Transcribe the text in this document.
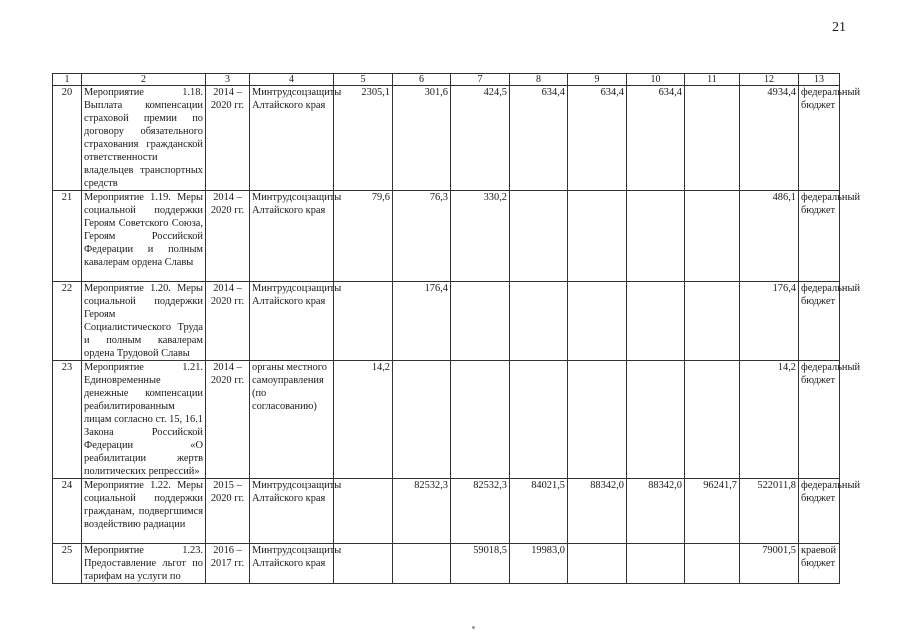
21
1	2	3	4	5	6	7	8	9	10	11	12	13
20	Мероприятие 1.18. Выплата компенсации страховой премии по договору обязательного страхования гражданской ответственности владельцев транспортных средств	2014 – 2020 гг.	Минтрудсоцзащиты Алтайского края	2305,1	301,6	424,5	634,4	634,4	634,4		4934,4	федеральный бюджет
21	Мероприятие 1.19. Меры социальной поддержки Героям Советского Союза, Героям Российской Федерации и полным кавалерам ордена Славы	2014 – 2020 гг.	Минтрудсоцзащиты Алтайского края	79,6	76,3	330,2					486,1	федеральный бюджет
22	Мероприятие 1.20. Меры социальной поддержки Героям Социалистического Труда и полным кавалерам ордена Трудовой Славы	2014 – 2020 гг.	Минтрудсоцзащиты Алтайского края		176,4						176,4	федеральный бюджет
23	Мероприятие 1.21. Единовременные денежные компенсации реабилитированным лицам согласно ст. 15, 16.1 Закона Российской Федерации «О реабилитации жертв политических репрессий»	2014 – 2020 гг.	органы местного самоуправления (по согласованию)	14,2							14,2	федеральный бюджет
24	Мероприятие 1.22. Меры социальной поддержки гражданам, подвергшимся воздействию радиации	2015 – 2020 гг.	Минтрудсоцзащиты Алтайского края		82532,3	82532,3	84021,5	88342,0	88342,0	96241,7	522011,8	федеральный бюджет
25	Мероприятие 1.23. Предоставление льгот по тарифам на услуги по	2016 – 2017 гг.	Минтрудсоцзащиты Алтайского края			59018,5	19983,0				79001,5	краевой бюджет
